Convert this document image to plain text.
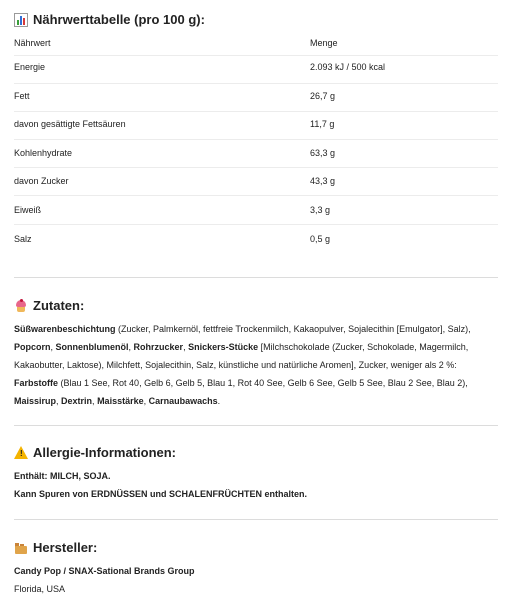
Nährwerttabelle (pro 100 g):
Nährwert	Menge
Energie	2.093 kJ / 500 kcal
Fett	26,7 g
davon gesättigte Fettsäuren	11,7 g
Kohlenhydrate	63,3 g
davon Zucker	43,3 g
Eiweiß	3,3 g
Salz	0,5 g
Zutaten:
Süßwarenbeschichtung (Zucker, Palmkernöl, fettfreie Trockenmilch, Kakaopulver, Sojalecithin [Emulgator], Salz), Popcorn, Sonnenblumenöl, Rohrzucker, Snickers-Stücke [Milchschokolade (Zucker, Schokolade, Magermilch, Kakaobutter, Laktose), Milchfett, Sojalecithin, Salz, künstliche und natürliche Aromen], Zucker, weniger als 2 %: Farbstoffe (Blau 1 See, Rot 40, Gelb 6, Gelb 5, Blau 1, Rot 40 See, Gelb 6 See, Gelb 5 See, Blau 2 See, Blau 2), Maissirup, Dextrin, Maisstärke, Carnaubawachs.
! Allergie-Informationen:
Enthält: MILCH, SOJA.
Kann Spuren von ERDNÜSSEN und SCHALENFRÜCHTEN enthalten.
Hersteller:
Candy Pop / SNAX-Sational Brands Group
Florida, USA
